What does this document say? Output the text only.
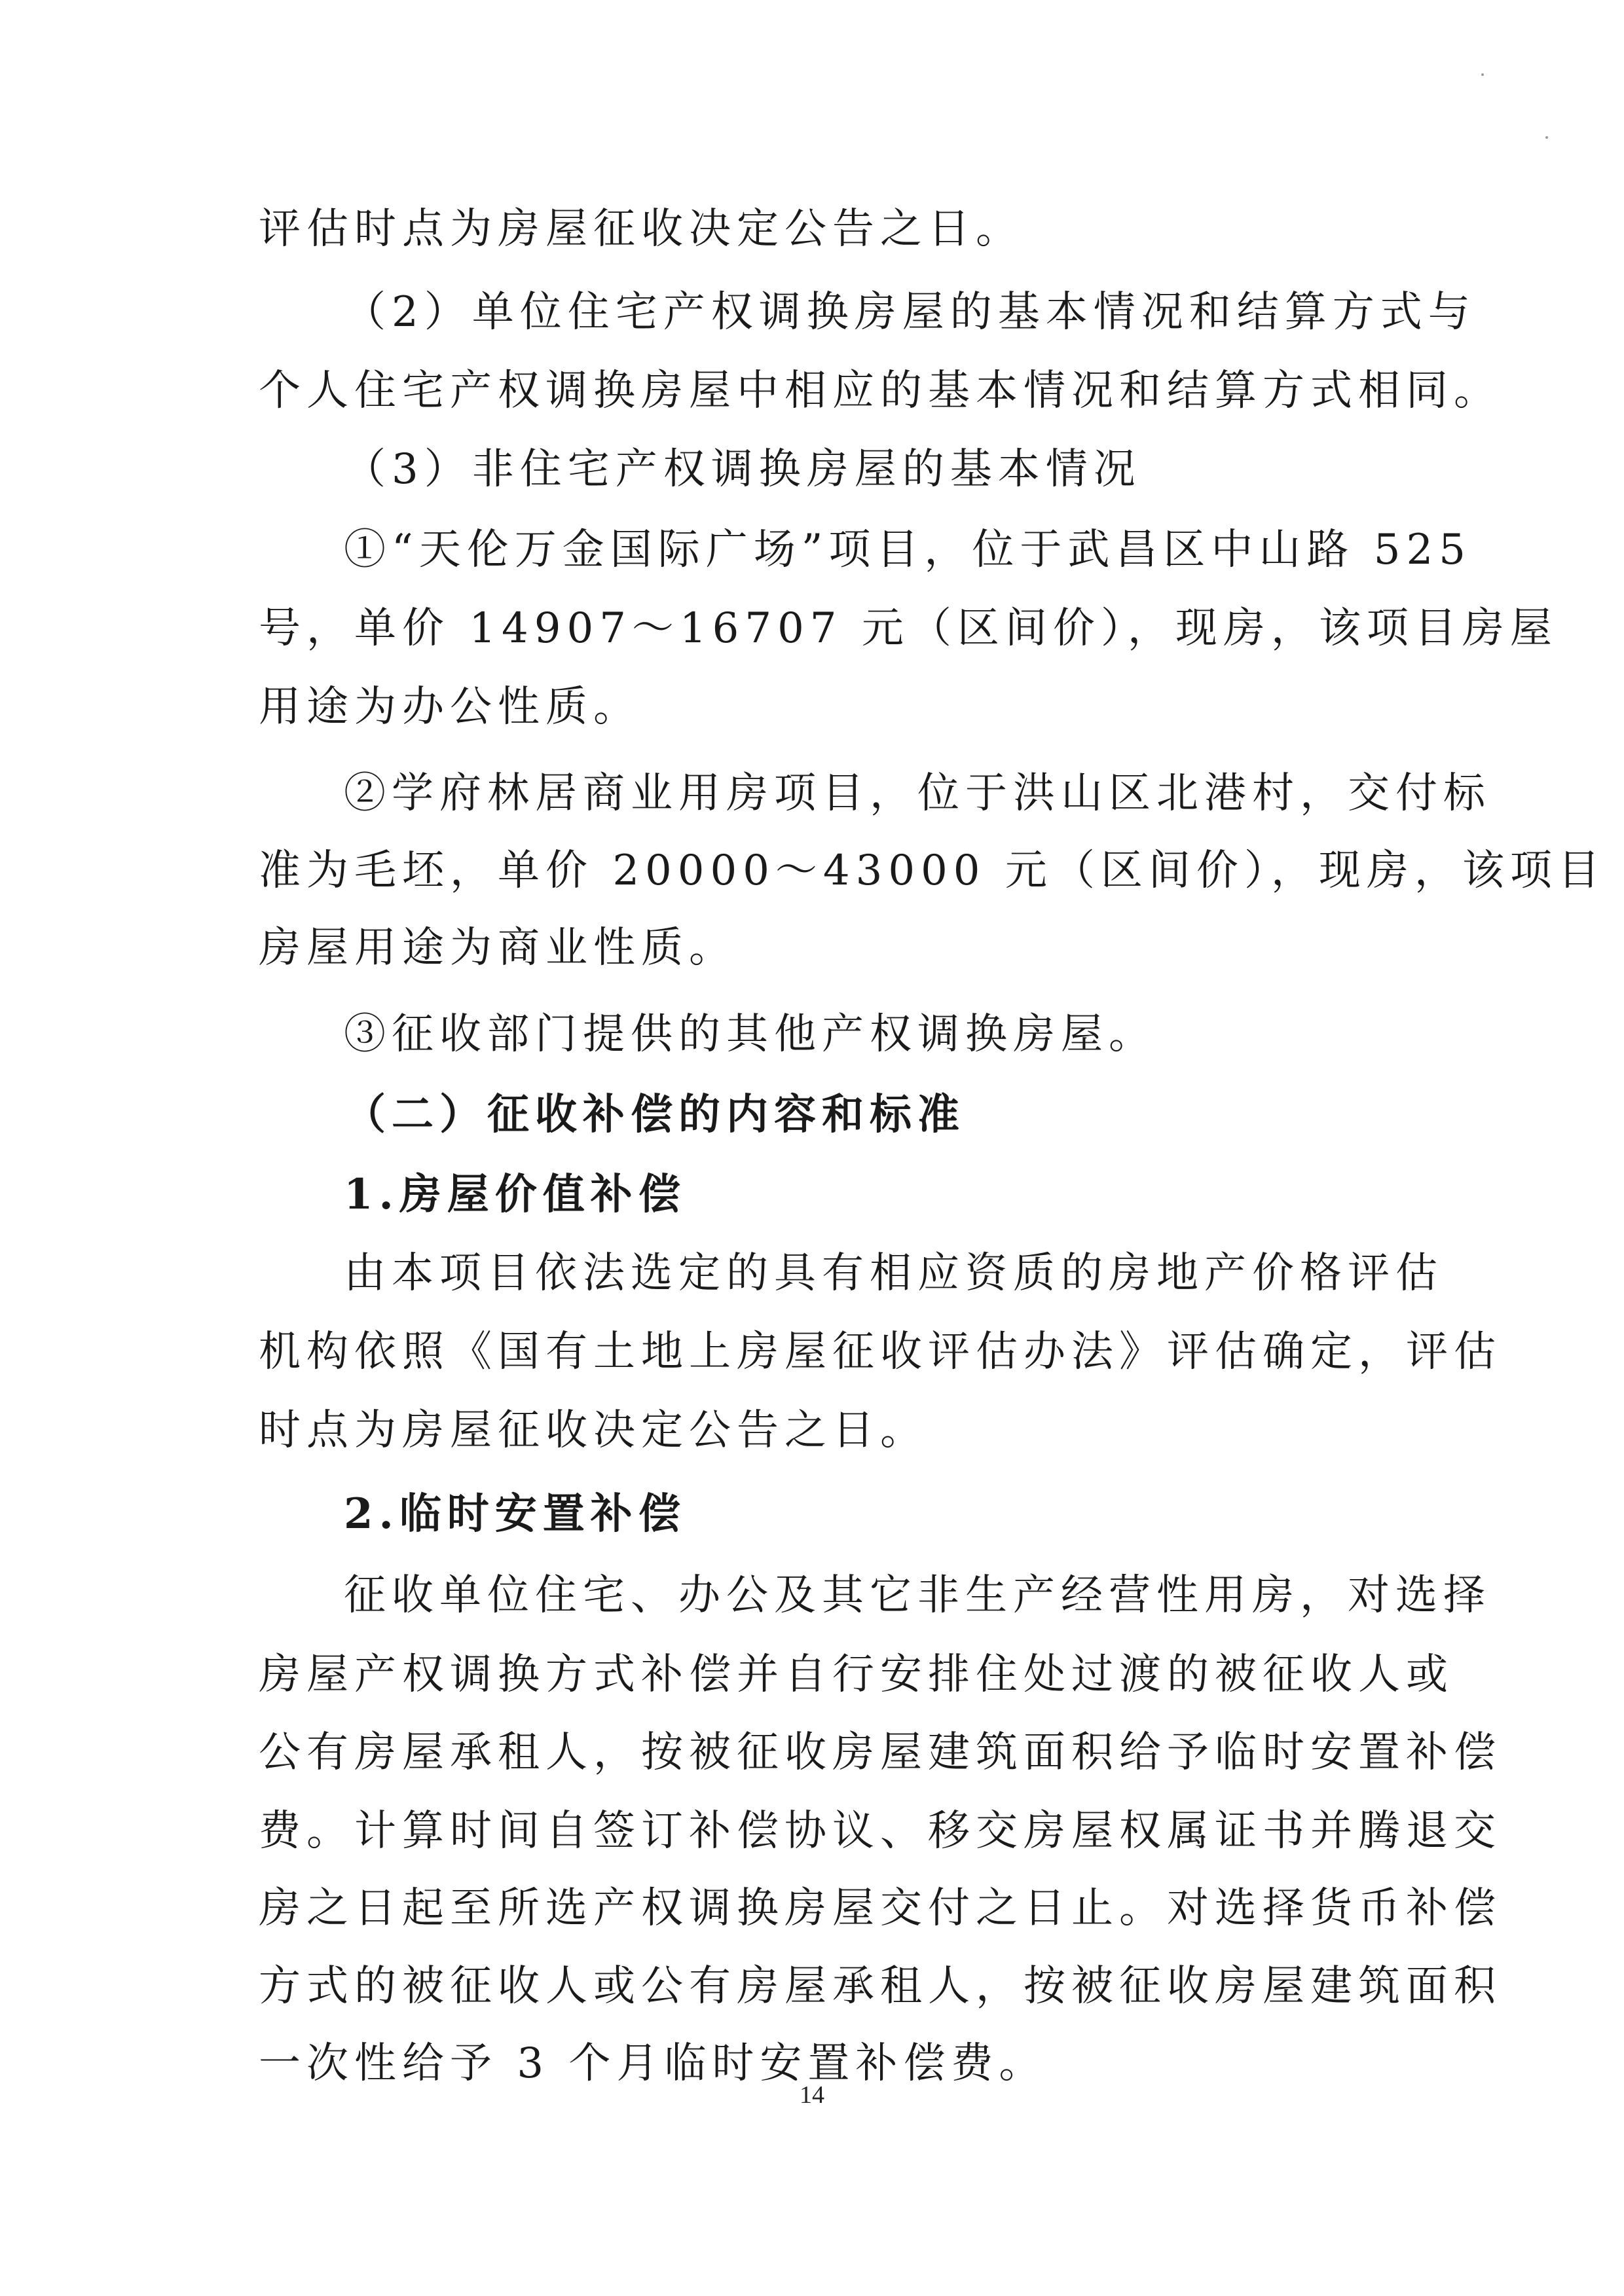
评估时点为房屋征收决定公告之日。
（2）单位住宅产权调换房屋的基本情况和结算方式与
个人住宅产权调换房屋中相应的基本情况和结算方式相同。
（3）非住宅产权调换房屋的基本情况
①“天伦万金国际广场”项目，位于武昌区中山路 525
号，单价 14907～16707 元（区间价），现房，该项目房屋
用途为办公性质。
②学府林居商业用房项目，位于洪山区北港村，交付标
准为毛坯，单价 20000～43000 元（区间价），现房，该项目
房屋用途为商业性质。
③征收部门提供的其他产权调换房屋。
（二）征收补偿的内容和标准
1.房屋价值补偿
由本项目依法选定的具有相应资质的房地产价格评估
机构依照《国有土地上房屋征收评估办法》评估确定，评估
时点为房屋征收决定公告之日。
2.临时安置补偿
征收单位住宅、办公及其它非生产经营性用房，对选择
房屋产权调换方式补偿并自行安排住处过渡的被征收人或
公有房屋承租人，按被征收房屋建筑面积给予临时安置补偿
费。计算时间自签订补偿协议、移交房屋权属证书并腾退交
房之日起至所选产权调换房屋交付之日止。对选择货币补偿
方式的被征收人或公有房屋承租人，按被征收房屋建筑面积
一次性给予 3 个月临时安置补偿费。
14
